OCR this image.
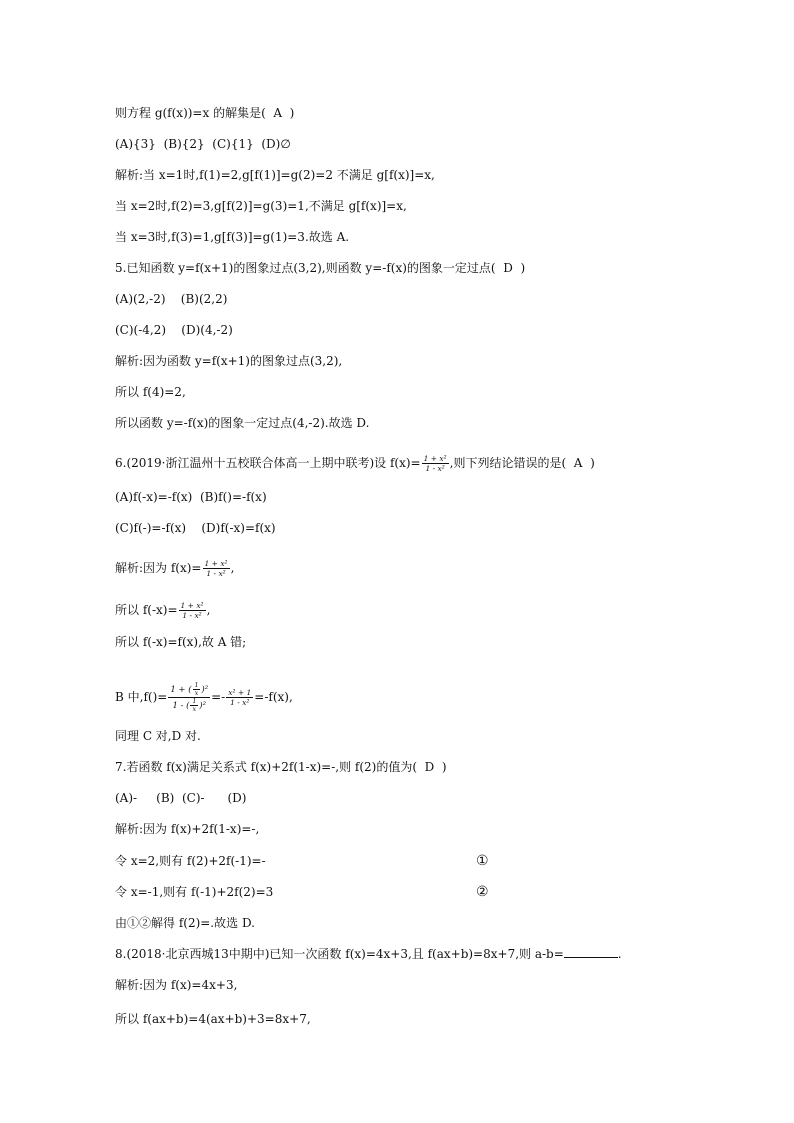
则方程 g(f(x))=x 的解集是(  A  )
(A){3}  (B){2}  (C){1}  (D)∅
解析:当 x=1时,f(1)=2,g[f(1)]=g(2)=2 不满足 g[f(x)]=x,
当 x=2时,f(2)=3,g[f(2)]=g(3)=1,不满足 g[f(x)]=x,
当 x=3时,f(3)=1,g[f(3)]=g(1)=3.故选 A.
5.已知函数 y=f(x+1)的图象过点(3,2),则函数 y=-f(x)的图象一定过点(  D  )
(A)(2,-2)    (B)(2,2)
(C)(-4,2)    (D)(4,-2)
解析:因为函数 y=f(x+1)的图象过点(3,2),
所以 f(4)=2,
所以函数 y=-f(x)的图象一定过点(4,-2).故选 D.
6.(2019·浙江温州十五校联合体高一上期中联考)设 $f(x)= \frac{\text{1 + x²}}{\text{1 - x²}}$ ,则下列结论错误的是(  A  )
(A)f(-x)=-f(x)  (B)f()=-f(x)
(C)f(-)=-f(x)    (D)f(-x)=f(x)
解析:因为 $f(x)= \frac{\text{1 + x²}}{\text{1 - x²}}$ ,
所以 $f(-x)= \frac{\text{1 + x²}}{\text{1 - x²}}$ ,
所以 f(-x)=f(x),故 A 错;
B 中$,f()= \frac{1 + ( \frac{1}{x} )^2}{1 - ( \frac{1}{x} )^2} =- \frac{\text{x² + 1}}{\text{1 - x²}} =-f(x)$,
同理 C 对,D 对.
7.若函数 f(x)满足关系式 f(x)+2f(1-x)=-,则 f(2)的值为(  D  )
(A)-     (B)  (C)-      (D)
解析:因为 f(x)+2f(1-x)=-,
令 x=2,则有 f(2)+2f(-1)=-	①
令 x=-1,则有 f(-1)+2f(2)=3	②
由①②解得 f(2)=.故选 D.
8.(2018·北京西城13中期中)已知一次函数 f(x)=4x+3,且 f(ax+b)=8x+7,则 a-b=	.
解析:因为 f(x)=4x+3,
所以 f(ax+b)=4(ax+b)+3=8x+7,
